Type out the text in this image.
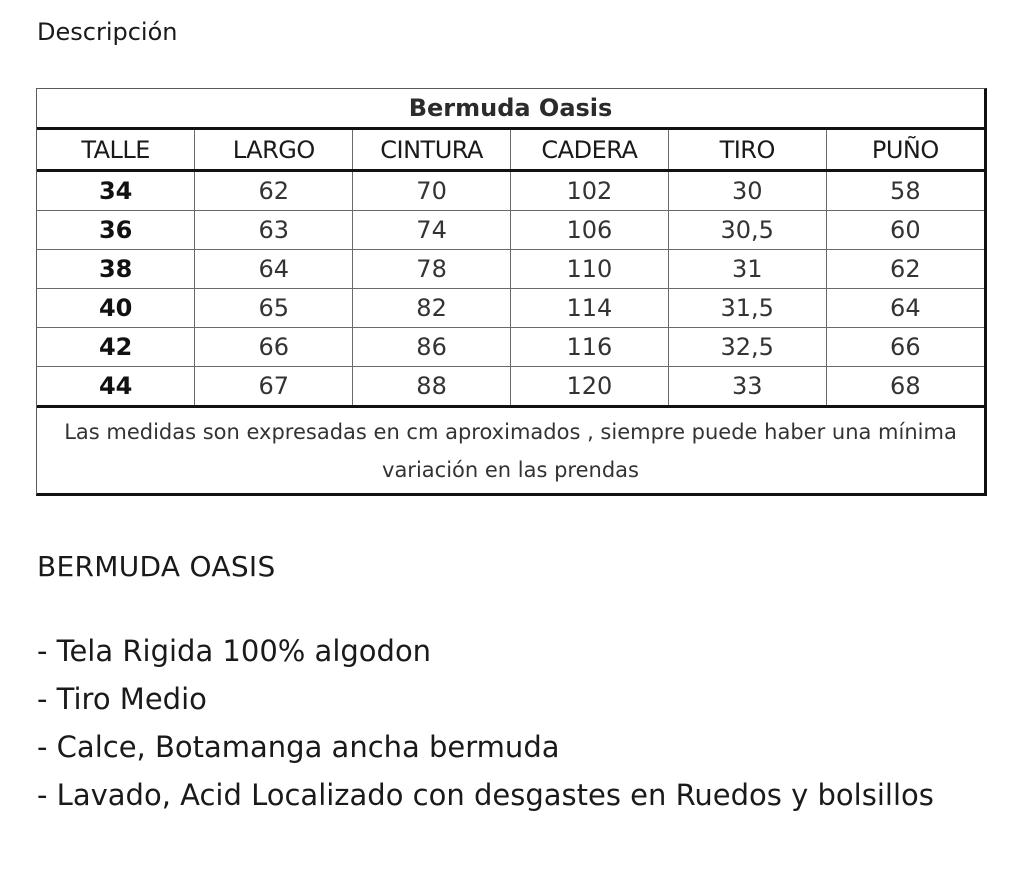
Descripción
Bermuda Oasis					
TALLE	LARGO	CINTURA	CADERA	TIRO	PUÑO
34	62	70	102	30	58
36	63	74	106	30,5	60
38	64	78	110	31	62
40	65	82	114	31,5	64
42	66	86	116	32,5	66
44	67	88	120	33	68
Las medidas son expresadas en cm aproximados , siempre puede haber una mínima variación en las prendas					
BERMUDA OASIS
- Tela Rigida 100% algodon
- Tiro Medio
- Calce, Botamanga ancha bermuda
- Lavado, Acid Localizado con desgastes en Ruedos y bolsillos
